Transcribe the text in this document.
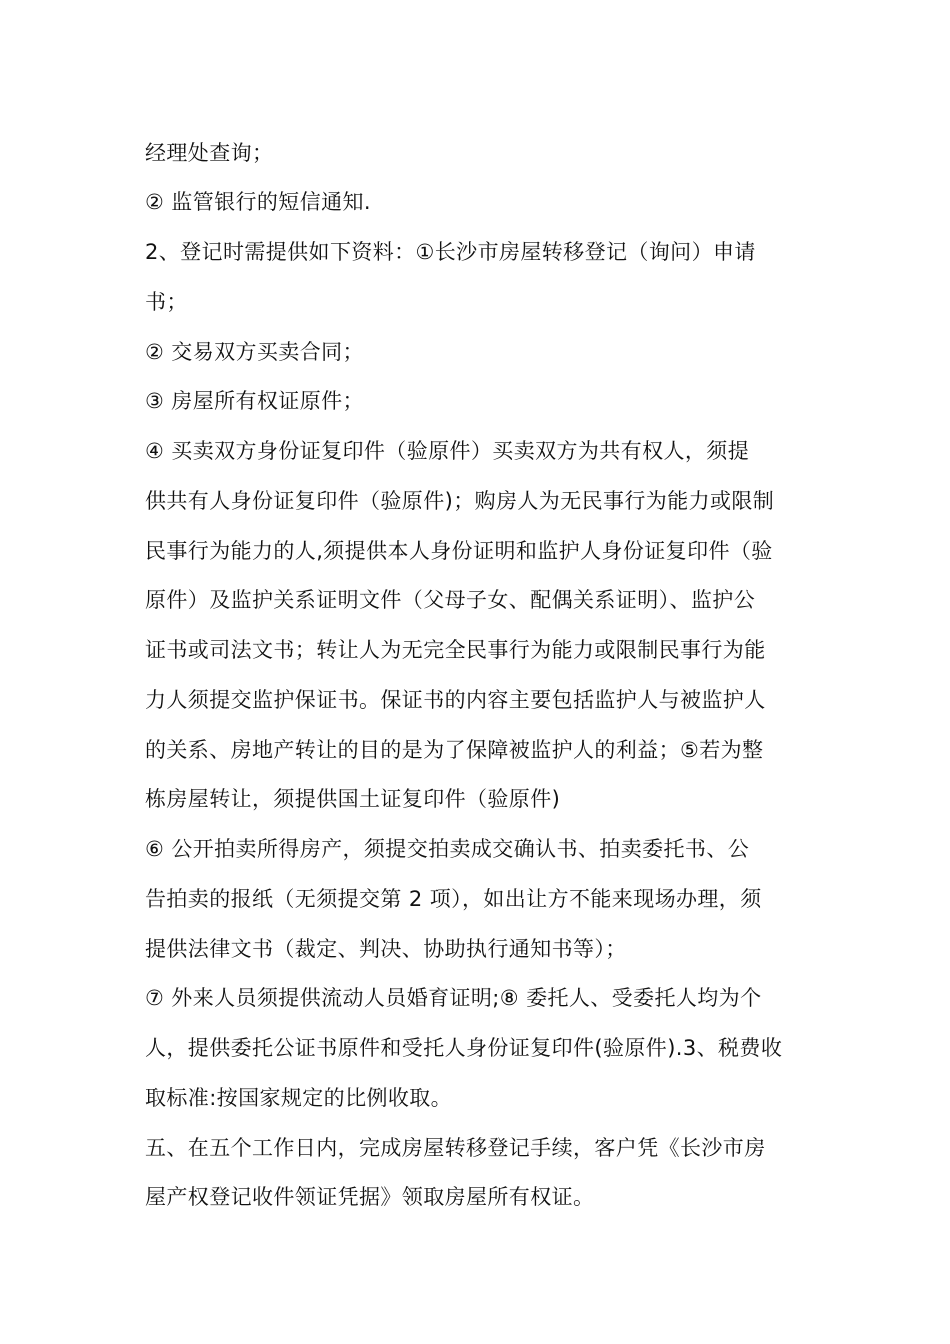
经理处查询；
② 监管银行的短信通知.
2、登记时需提供如下资料：①长沙市房屋转移登记（询问）申请
书；
② 交易双方买卖合同；
③ 房屋所有权证原件；
④ 买卖双方身份证复印件（验原件）买卖双方为共有权人，须提
供共有人身份证复印件（验原件)；购房人为无民事行为能力或限制
民事行为能力的人,须提供本人身份证明和监护人身份证复印件（验
原件）及监护关系证明文件（父母子女、配偶关系证明）、监护公
证书或司法文书；转让人为无完全民事行为能力或限制民事行为能
力人须提交监护保证书。保证书的内容主要包括监护人与被监护人
的关系、房地产转让的目的是为了保障被监护人的利益；⑤若为整
栋房屋转让，须提供国土证复印件（验原件)
⑥ 公开拍卖所得房产，须提交拍卖成交确认书、拍卖委托书、公
告拍卖的报纸（无须提交第 2 项），如出让方不能来现场办理，须
提供法律文书（裁定、判决、协助执行通知书等）；
⑦ 外来人员须提供流动人员婚育证明;⑧ 委托人、受委托人均为个
人，提供委托公证书原件和受托人身份证复印件(验原件).3、税费收
取标准:按国家规定的比例收取。
五、在五个工作日内，完成房屋转移登记手续，客户凭《长沙市房
屋产权登记收件领证凭据》领取房屋所有权证。
